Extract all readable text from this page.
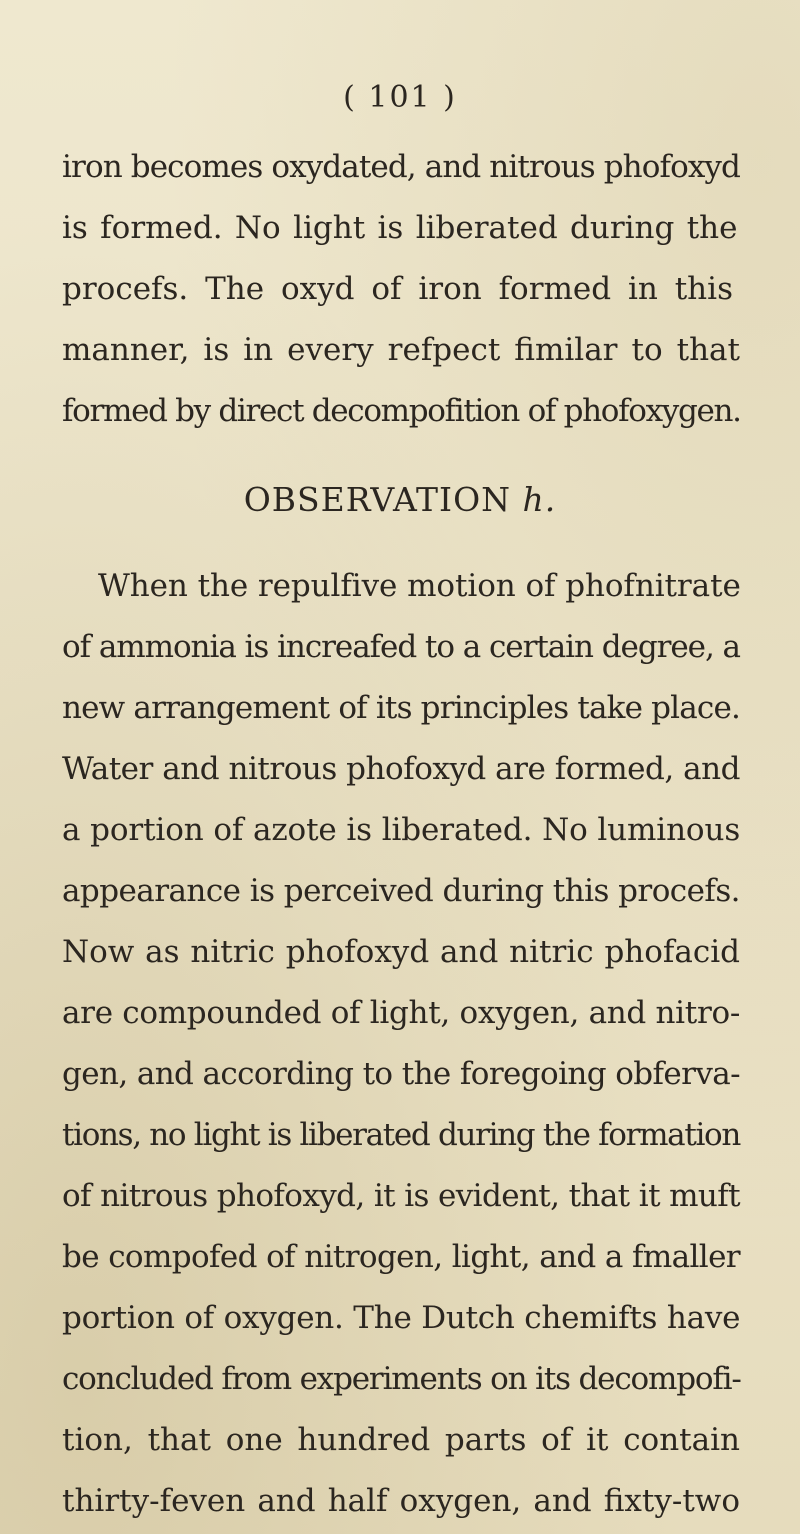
( 101 )
iron becomes oxydated, and nitrous phofoxyd
is formed. No light is liberated during the
procefs. The oxyd of iron formed in this
manner, is in every refpect fimilar to that
formed by direct decompofition of phofoxygen.
OBSERVATION h.
When the repulfive motion of phofnitrate
of ammonia is increafed to a certain degree, a
new arrangement of its principles take place.
Water and nitrous phofoxyd are formed, and
a portion of azote is liberated. No luminous
appearance is perceived during this procefs.
Now as nitric phofoxyd and nitric phofacid
are compounded of light, oxygen, and nitro-
gen, and according to the foregoing obferva-
tions, no light is liberated during the formation
of nitrous phofoxyd, it is evident, that it muft
be compofed of nitrogen, light, and a fmaller
portion of oxygen. The Dutch chemifts have
concluded from experiments on its decompofi-
tion, that one hundred parts of it contain
thirty-feven and half oxygen, and fixty-two
